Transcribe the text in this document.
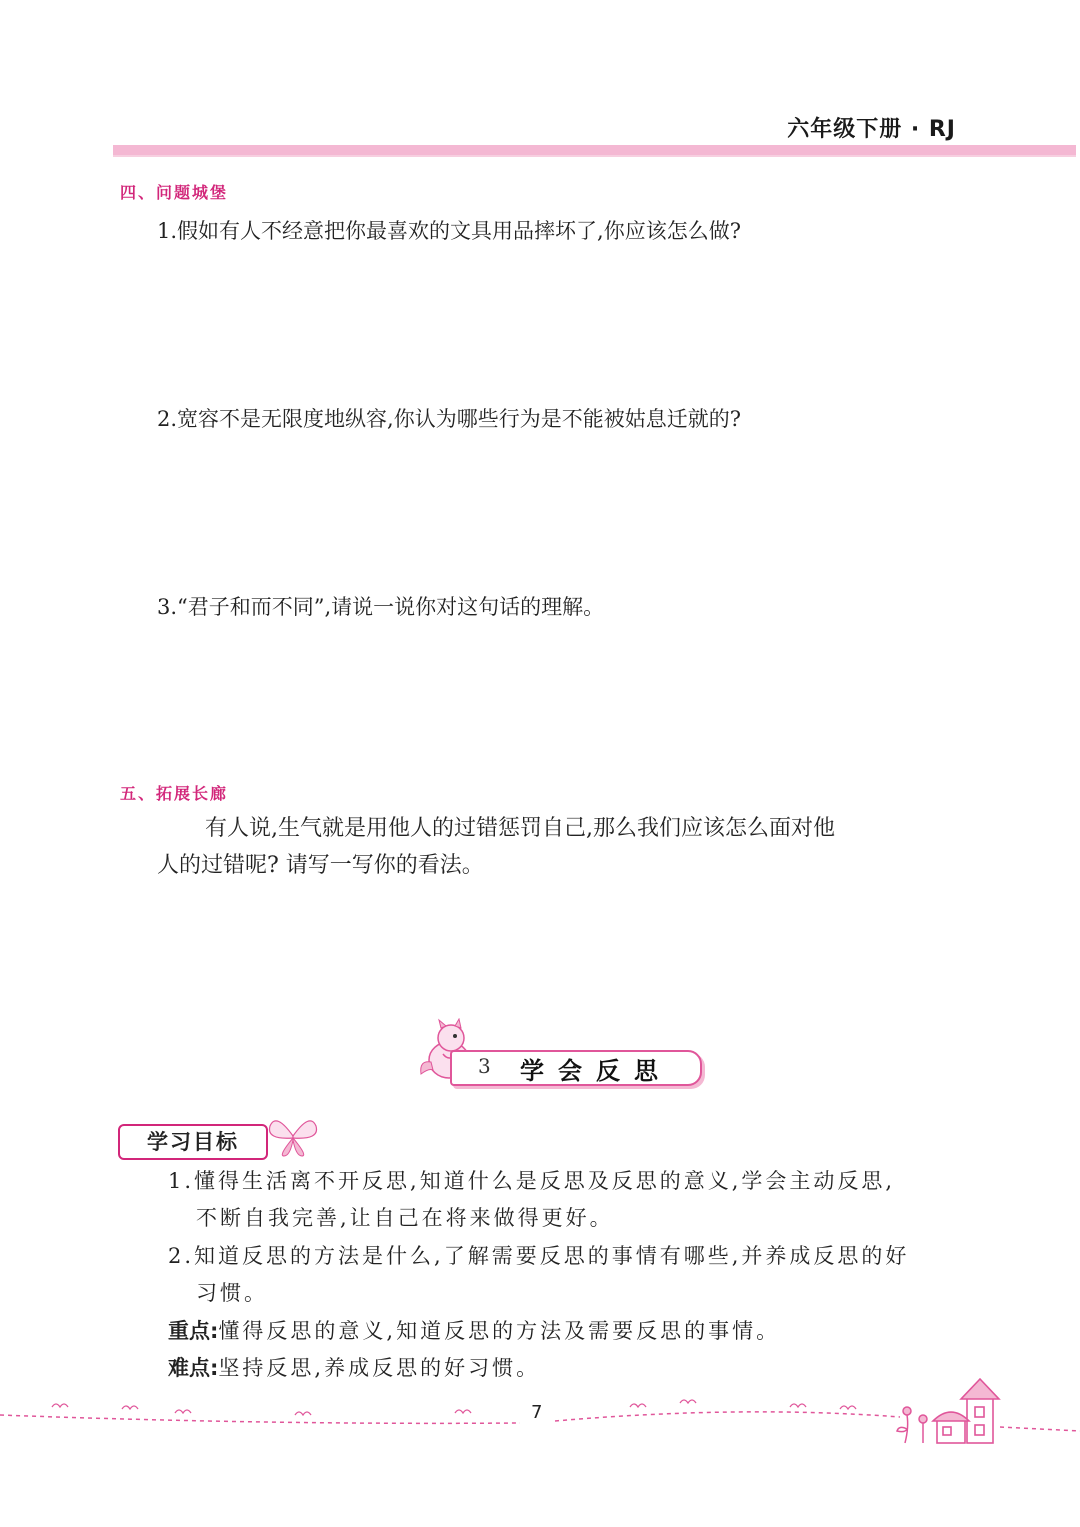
六年级下册 · RJ
四、问题城堡
1.假如有人不经意把你最喜欢的文具用品摔坏了,你应该怎么做?
2.宽容不是无限度地纵容,你认为哪些行为是不能被姑息迁就的?
3.“君子和而不同”,请说一说你对这句话的理解。
五、拓展长廊
有人说,生气就是用他人的过错惩罚自己,那么我们应该怎么面对他
人的过错呢? 请写一写你的看法。
3 学会反思
学习目标
1.懂得生活离不开反思,知道什么是反思及反思的意义,学会主动反思,
不断自我完善,让自己在将来做得更好。
2.知道反思的方法是什么,了解需要反思的事情有哪些,并养成反思的好
习惯。
重点:懂得反思的意义,知道反思的方法及需要反思的事情。
难点:坚持反思,养成反思的好习惯。
7
